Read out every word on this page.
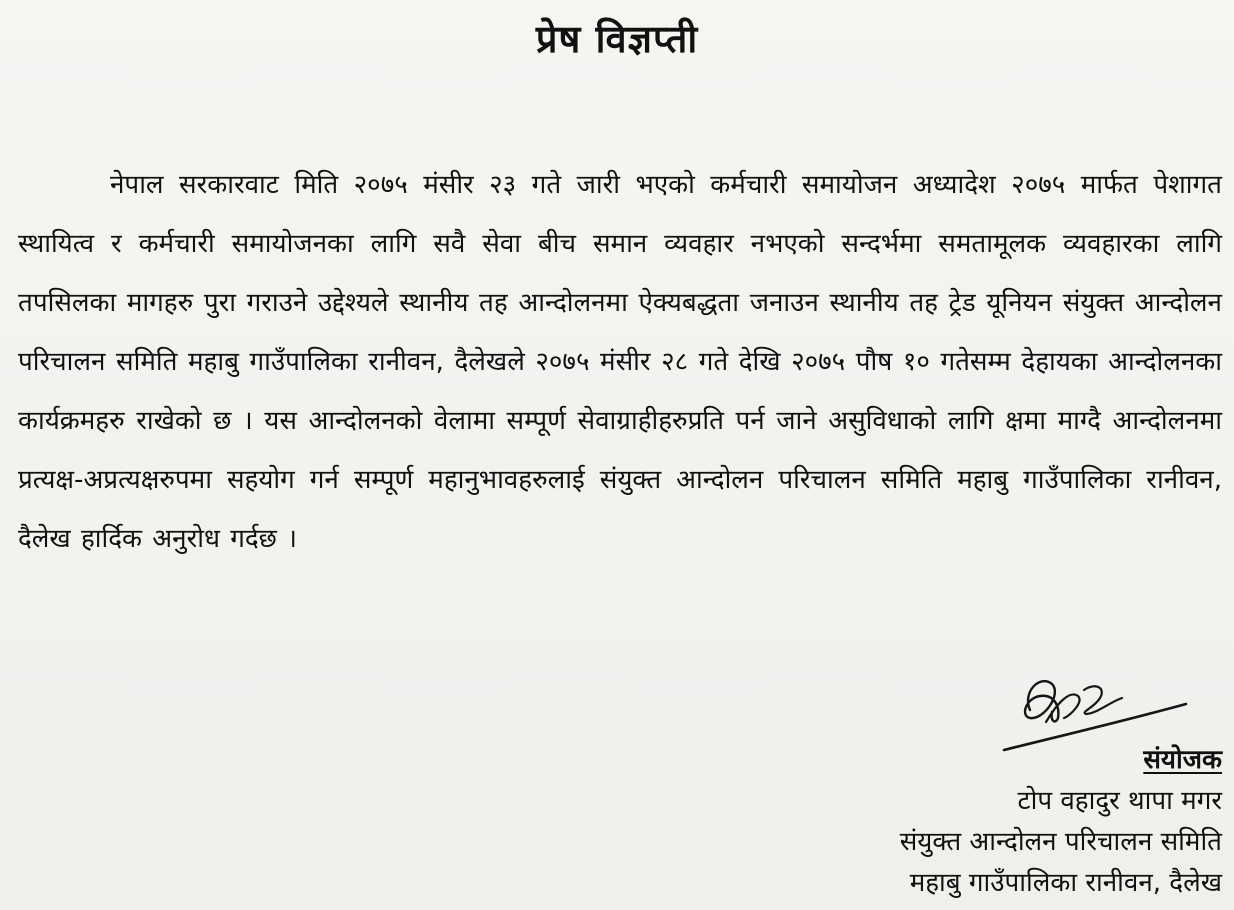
प्रेष विज्ञप्ती

नेपाल सरकारवाट मिति २०७५ मंसीर २३ गते जारी भएको कर्मचारी समायोजन अध्यादेश २०७५ मार्फत पेशागत स्थायित्व र कर्मचारी समायोजनका लागि सवै सेवा बीच समान व्यवहार नभएको सन्दर्भमा समतामूलक व्यवहारका लागि तपसिलका मागहरु पुरा गराउने उद्देश्यले स्थानीय तह आन्दोलनमा ऐक्यबद्धता जनाउन स्थानीय तह ट्रेड यूनियन संयुक्त आन्दोलन परिचालन समिति महाबु गाउँपालिका रानीवन, दैलेखले २०७५ मंसीर २८ गते देखि २०७५ पौष १० गतेसम्म देहायका आन्दोलनका कार्यक्रमहरु राखेको छ । यस आन्दोलनको वेलामा सम्पूर्ण सेवाग्राहीहरुप्रति पर्न जाने असुविधाको लागि क्षमा माग्दै आन्दोलनमा प्रत्यक्ष-अप्रत्यक्षरुपमा सहयोग गर्न सम्पूर्ण महानुभावहरुलाई संयुक्त आन्दोलन परिचालन समिति महाबु गाउँपालिका रानीवन, दैलेख हार्दिक अनुरोध गर्दछ ।

संयोजक
टोप वहादुर थापा मगर
संयुक्त आन्दोलन परिचालन समिति
महाबु गाउँपालिका रानीवन, दैलेख
